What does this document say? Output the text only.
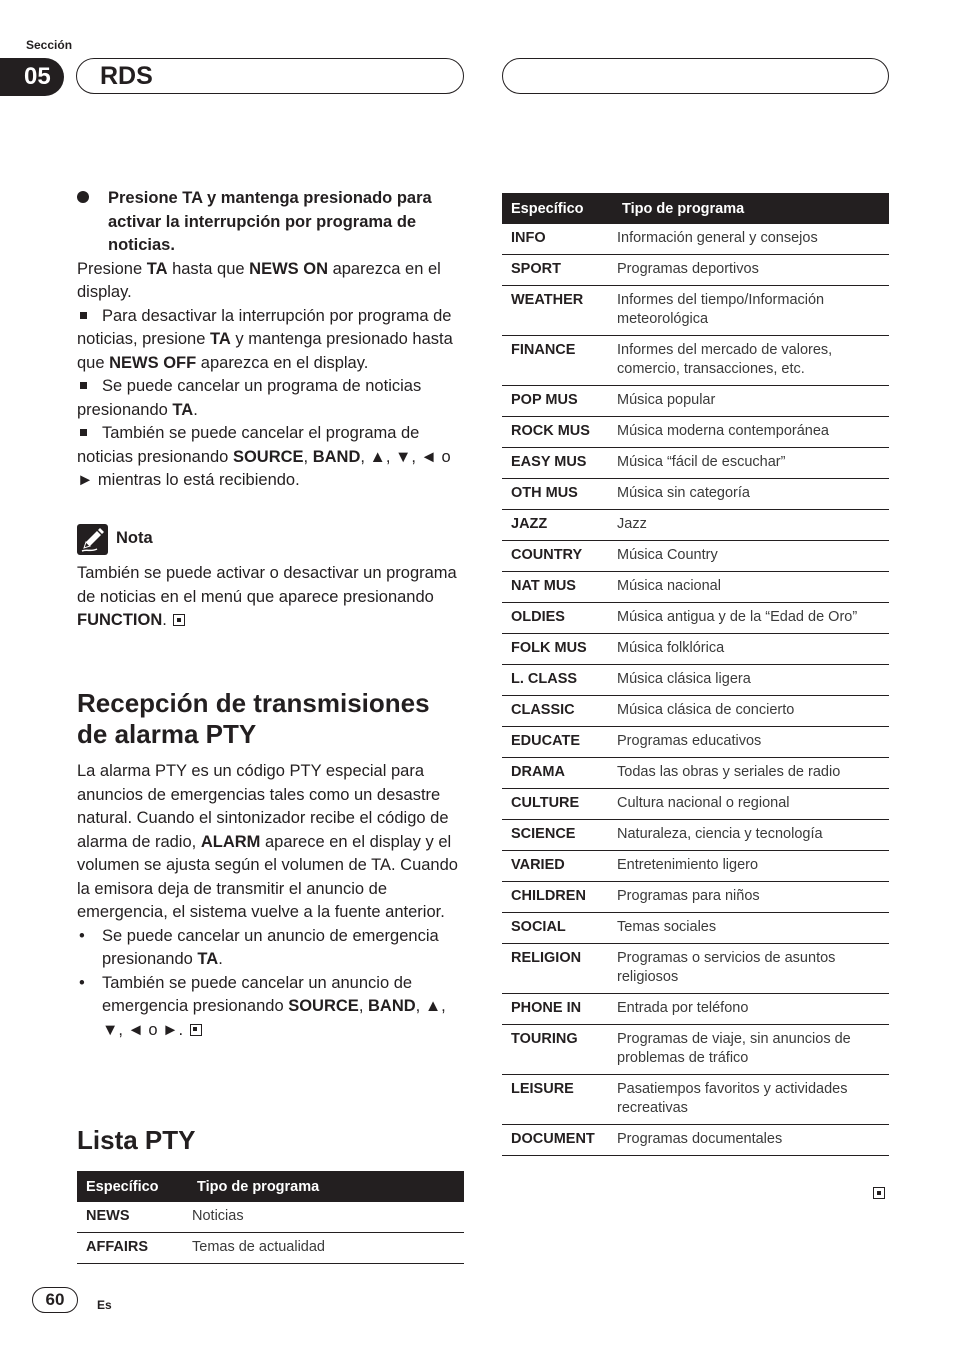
Sección
05	RDS

Presione TA y mantenga presionado para activar la interrupción por programa de noticias.

Presione TA hasta que NEWS ON aparezca en el display.

Para desactivar la interrupción por programa de noticias, presione TA y mantenga presionado hasta que NEWS OFF aparezca en el display.

Se puede cancelar un programa de noticias presionando TA.

También se puede cancelar el programa de noticias presionando SOURCE, BAND, ▲, ▼, ◄ o ► mientras lo está recibiendo.

Nota

También se puede activar o desactivar un programa de noticias en el menú que aparece presionando FUNCTION.

Recepción de transmisiones de alarma PTY

La alarma PTY es un código PTY especial para anuncios de emergencias tales como un desastre natural. Cuando el sintonizador recibe el código de alarma de radio, ALARM aparece en el display y el volumen se ajusta según el volumen de TA. Cuando la emisora deja de transmitir el anuncio de emergencia, el sistema vuelve a la fuente anterior.

• Se puede cancelar un anuncio de emergencia presionando TA.

• También se puede cancelar un anuncio de emergencia presionando SOURCE, BAND, ▲, ▼, ◄ o ►.

Lista PTY
Específico	Tipo de programa
NEWS	Noticias
AFFAIRS	Temas de actualidad
Específico	Tipo de programa
INFO	Información general y consejos
SPORT	Programas deportivos
WEATHER	Informes del tiempo/Información meteorológica
FINANCE	Informes del mercado de valores, comercio, transacciones, etc.
POP MUS	Música popular
ROCK MUS	Música moderna contemporánea
EASY MUS	Música “fácil de escuchar”
OTH MUS	Música sin categoría
JAZZ	Jazz
COUNTRY	Música Country
NAT MUS	Música nacional
OLDIES	Música antigua y de la “Edad de Oro”
FOLK MUS	Música folklórica
L. CLASS	Música clásica ligera
CLASSIC	Música clásica de concierto
EDUCATE	Programas educativos
DRAMA	Todas las obras y seriales de radio
CULTURE	Cultura nacional o regional
SCIENCE	Naturaleza, ciencia y tecnología
VARIED	Entretenimiento ligero
CHILDREN	Programas para niños
SOCIAL	Temas sociales
RELIGION	Programas o servicios de asuntos religiosos
PHONE IN	Entrada por teléfono
TOURING	Programas de viaje, sin anuncios de problemas de tráfico
LEISURE	Pasatiempos favoritos y actividades recreativas
DOCUMENT	Programas documentales
60	Es
